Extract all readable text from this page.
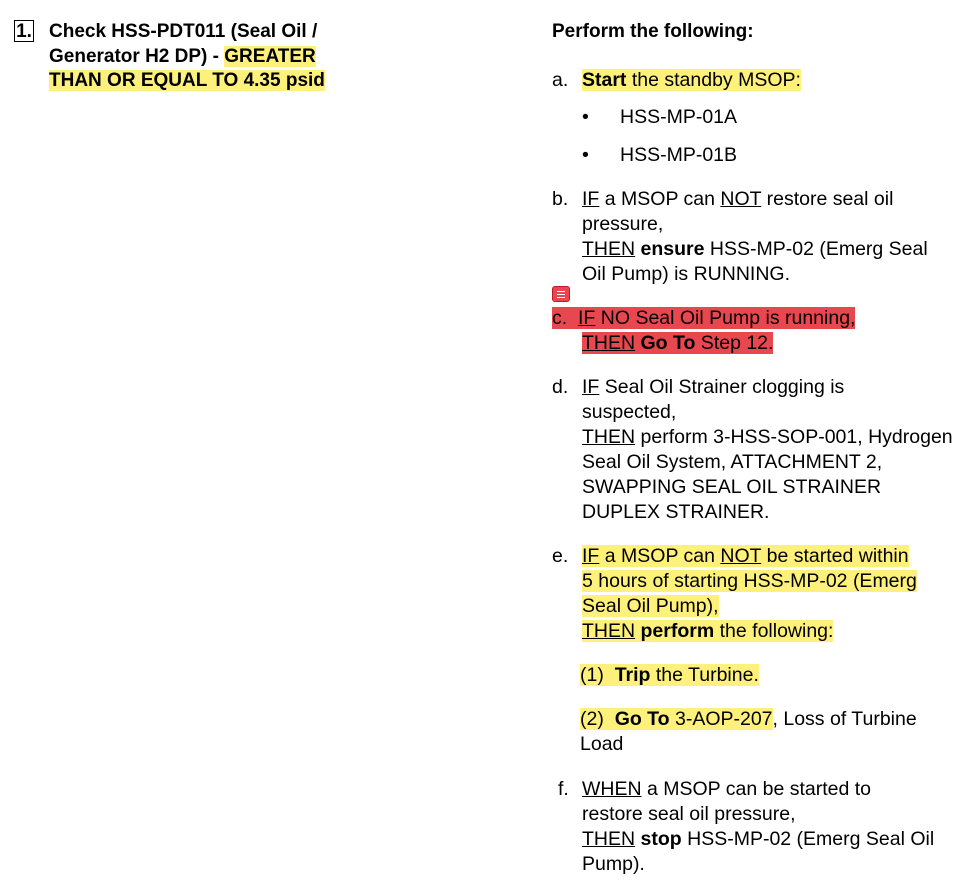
1. Check HSS-PDT011 (Seal Oil /
Generator H2 DP) - GREATER
THAN OR EQUAL TO 4.35 psid
Perform the following:
a. Start the standby MSOP:
• HSS-MP-01A
• HSS-MP-01B
b. IF a MSOP can NOT restore seal oil pressure,
THEN ensure HSS-MP-02 (Emerg Seal Oil Pump) is RUNNING.
c. IF NO Seal Oil Pump is running,
THEN Go To Step 12.
d. IF Seal Oil Strainer clogging is suspected,
THEN perform 3-HSS-SOP-001, Hydrogen Seal Oil System, ATTACHMENT 2, SWAPPING SEAL OIL STRAINER DUPLEX STRAINER.
e. IF a MSOP can NOT be started within
5 hours of starting HSS-MP-02 (Emerg
Seal Oil Pump),
THEN perform the following:
(1) Trip the Turbine.
(2) Go To 3-AOP-207, Loss of Turbine Load
f. WHEN a MSOP can be started to restore seal oil pressure,
THEN stop HSS-MP-02 (Emerg Seal Oil Pump).
